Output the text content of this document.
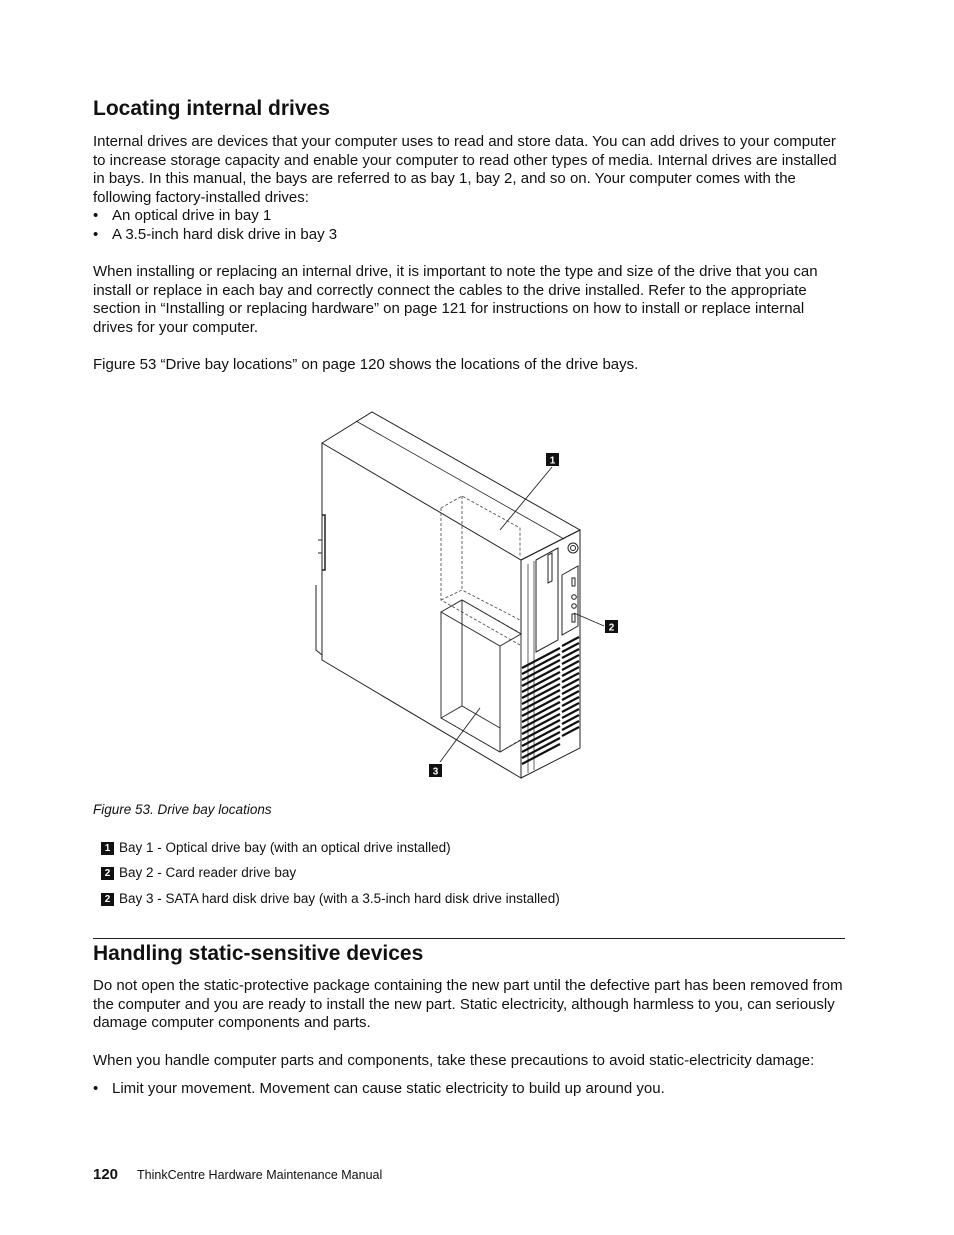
Locating internal drives

Internal drives are devices that your computer uses to read and store data. You can add drives to your computer to increase storage capacity and enable your computer to read other types of media. Internal drives are installed in bays. In this manual, the bays are referred to as bay 1, bay 2, and so on. Your computer comes with the following factory-installed drives:

• An optical drive in bay 1
• A 3.5-inch hard disk drive in bay 3

When installing or replacing an internal drive, it is important to note the type and size of the drive that you can install or replace in each bay and correctly connect the cables to the drive installed. Refer to the appropriate section in “Installing or replacing hardware” on page 121 for instructions on how to install or replace internal drives for your computer.

Figure 53 “Drive bay locations” on page 120 shows the locations of the drive bays.

1
2
3
Figure 53. Drive bay locations
1 Bay 1 - Optical drive bay (with an optical drive installed)
2 Bay 2 - Card reader drive bay
2 Bay 3 - SATA hard disk drive bay (with a 3.5-inch hard disk drive installed)
Handling static-sensitive devices

Do not open the static-protective package containing the new part until the defective part has been removed from the computer and you are ready to install the new part. Static electricity, although harmless to you, can seriously damage computer components and parts.

When you handle computer parts and components, take these precautions to avoid static-electricity damage:

• Limit your movement. Movement can cause static electricity to build up around you.
120 ThinkCentre Hardware Maintenance Manual
